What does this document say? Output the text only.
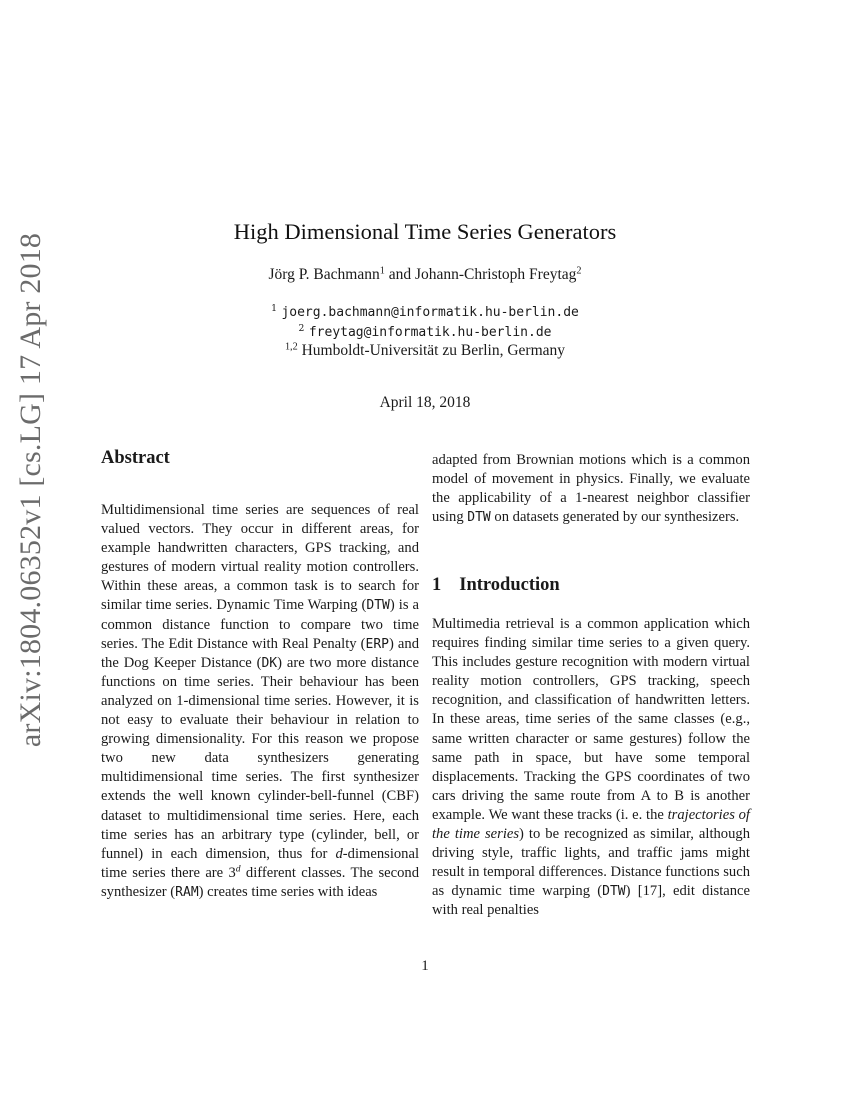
arXiv:1804.06352v1 [cs.LG] 17 Apr 2018
High Dimensional Time Series Generators
Jörg P. Bachmann$^1$ and Johann-Christoph Freytag$^2$
$^1$ joerg.bachmann@informatik.hu-berlin.de
$^2$ freytag@informatik.hu-berlin.de
$^{1,2}$ Humboldt-Universität zu Berlin, Germany
April 18, 2018
Abstract

Multidimensional time series are sequences of real valued vectors. They occur in different areas, for example handwritten characters, GPS tracking, and gestures of modern virtual reality motion controllers. Within these areas, a common task is to search for similar time series. Dynamic Time Warping (DTW) is a common distance function to compare two time series. The Edit Distance with Real Penalty (ERP) and the Dog Keeper Distance (DK) are two more distance functions on time series. Their behaviour has been analyzed on 1-dimensional time series. However, it is not easy to evaluate their behaviour in relation to growing dimensionality. For this reason we propose two new data synthesizers generating multidimensional time series. The first synthesizer extends the well known cylinder-bell-funnel (CBF) dataset to multidimensional time series. Here, each time series has an arbitrary type (cylinder, bell, or funnel) in each dimension, thus for d-dimensional time series there are 3$^d$ different classes. The second synthesizer (RAM) creates time series with ideas

adapted from Brownian motions which is a common model of movement in physics. Finally, we evaluate the applicability of a 1-nearest neighbor classifier using DTW on datasets generated by our synthesizers.

1 Introduction

Multimedia retrieval is a common application which requires finding similar time series to a given query. This includes gesture recognition with modern virtual reality motion controllers, GPS tracking, speech recognition, and classification of handwritten letters. In these areas, time series of the same classes (e.g., same written character or same gestures) follow the same path in space, but have some temporal displacements. Tracking the GPS coordinates of two cars driving the same route from A to B is another example. We want these tracks (i. e. the trajectories of the time series) to be recognized as similar, although driving style, traffic lights, and traffic jams might result in temporal differences. Distance functions such as dynamic time warping (DTW) [17], edit distance with real penalties

1
